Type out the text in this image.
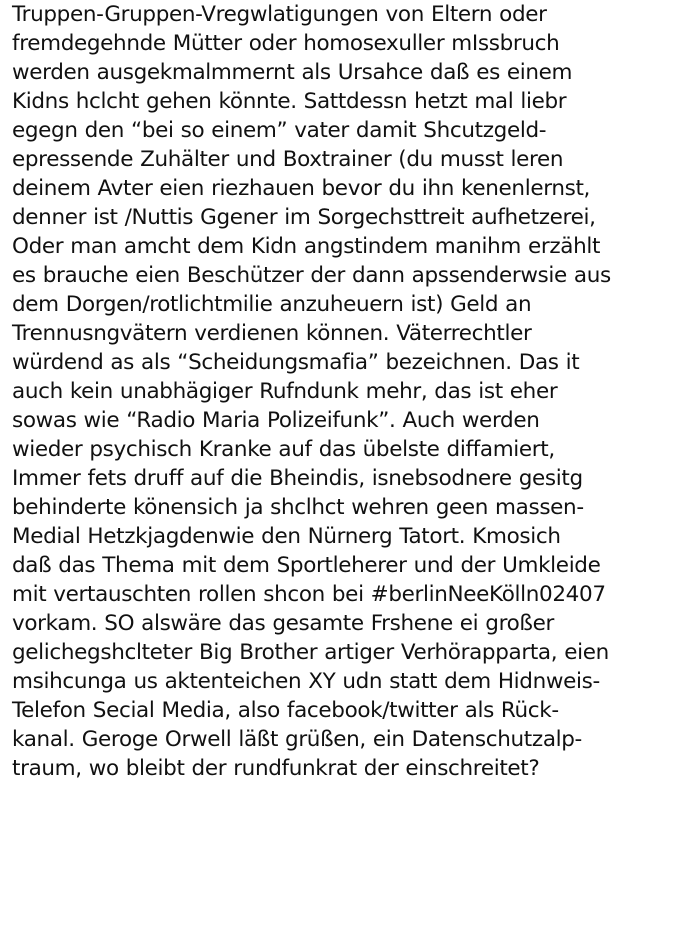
Truppen-Gruppen-Vregwlatigungen von Eltern oder
fremdegehnde Mütter oder homosexuller mIssbruch
werden ausgekmalmmernt als Ursahce daß es einem
Kidns hclcht gehen könnte. Sattdessn hetzt mal liebr
egegn den “bei so einem” vater damit Shcutzgeld-
epressende Zuhälter und Boxtrainer (du musst leren
deinem Avter eien riezhauen bevor du ihn kenenlernst,
denner ist /Nuttis Ggener im Sorgechsttreit aufhetzerei,
Oder man amcht dem Kidn angstindem manihm erzählt
es brauche eien Beschützer der dann apssenderwsie aus
dem Dorgen/rotlichtmilie anzuheuern ist) Geld an
Trennusngvätern verdienen können. Väterrechtler
würdend as als “Scheidungsmafia” bezeichnen. Das it
auch kein unabhägiger Rufndunk mehr, das ist eher
sowas wie “Radio Maria Polizeifunk”. Auch werden
wieder psychisch Kranke auf das übelste diffamiert,
Immer fets druff auf die Bheindis, isnebsodnere gesitg
behinderte könensich ja shclhct wehren geen massen-
Medial Hetzkjagdenwie den Nürnerg Tatort. Kmosich
daß das Thema mit dem Sportleherer und der Umkleide
mit vertauschten rollen shcon bei #berlinNeeKölln02407
vorkam. SO alswäre das gesamte Frshene ei großer
gelichegshclteter Big Brother artiger Verhörapparta, eien
msihcunga us aktenteichen XY udn statt dem Hidnweis-
Telefon Secial Media, also facebook/twitter als Rück-
kanal. Geroge Orwell läßt grüßen, ein Datenschutzalp-
traum, wo bleibt der rundfunkrat der einschreitet?
